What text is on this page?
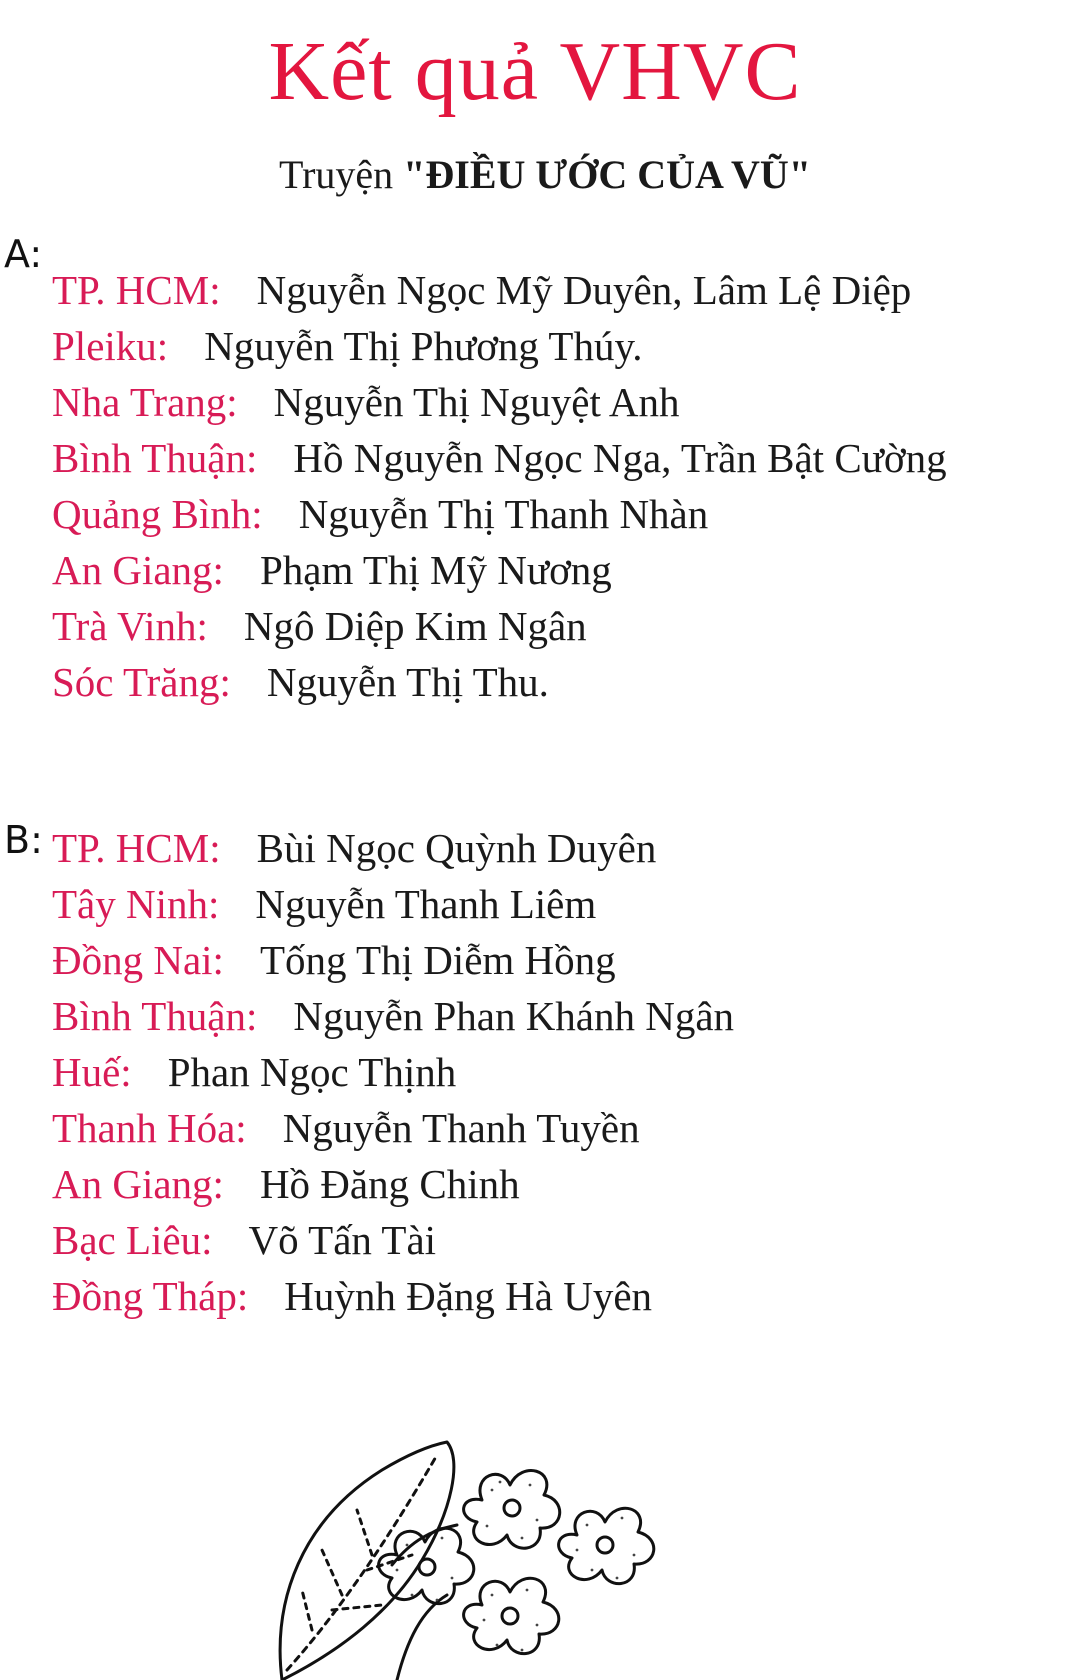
Kết quả VHVC
Truyện "ĐIỀU ƯỚC CỦA VŨ"
A:
TP. HCM: Nguyễn Ngọc Mỹ Duyên, Lâm Lệ Diệp
Pleiku: Nguyễn Thị Phương Thúy.
Nha Trang: Nguyễn Thị Nguyệt Anh
Bình Thuận: Hồ Nguyễn Ngọc Nga, Trần Bật Cường
Quảng Bình: Nguyễn Thị Thanh Nhàn
An Giang: Phạm Thị Mỹ Nương
Trà Vinh: Ngô Diệp Kim Ngân
Sóc Trăng: Nguyễn Thị Thu.
B: TP. HCM: Bùi Ngọc Quỳnh Duyên
Tây Ninh: Nguyễn Thanh Liêm
Đồng Nai: Tống Thị Diễm Hồng
Bình Thuận: Nguyễn Phan Khánh Ngân
Huế: Phan Ngọc Thịnh
Thanh Hóa: Nguyễn Thanh Tuyền
An Giang: Hồ Đăng Chinh
Bạc Liêu: Võ Tấn Tài
Đồng Tháp: Huỳnh Đặng Hà Uyên
